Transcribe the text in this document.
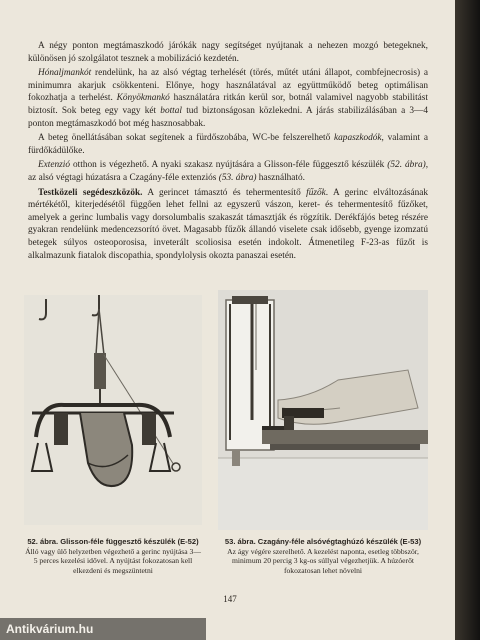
A négy ponton megtámaszkodó járókák nagy segítséget nyújtanak a nehezen mozgó betegeknek, különösen jó szolgálatot tesznek a mobilizáció kezdetén.

Hónaljmankót rendelünk, ha az alsó végtag terhelését (törés, műtét utáni állapot, combfejnecrosis) a minimumra akarjuk csökkenteni. Előnye, hogy használatával az együttműködő beteg optimálisan fokozhatja a terhelést. Könyökmankó használatára ritkán kerül sor, botnál valamivel nagyobb stabilitást biztosít. Sok beteg egy vagy két bottal tud biztonságosan közlekedni. A járás stabilizálásában a 3—4 ponton megtámaszkodó bot még hasznosabbak.

A beteg önellátásában sokat segítenek a fürdőszobába, WC-be felszerelhető kapaszkodók, valamint a fürdőkádülőke.

Extenzió otthon is végezhető. A nyaki szakasz nyújtására a Glisson-féle függesztő készülék (52. ábra), az alsó végtagi húzatásra a Czagány-féle extenziós (53. ábra) használható.

Testközeli segédeszközök. A gerincet támasztó és tehermentesítő fűzők. A gerinc elváltozásának mértékétől, kiterjedésétől függően lehet fellni az egyszerű vászon, keret- és tehermentesítő fűzőket, amelyek a gerinc lumbalis vagy dorsolumbalis szakaszát támasztják és rögzítik. Derékfájós beteg részére gyakran rendelünk medencezsorító övet. Magasabb fűzők állandó viselete csak idősebb, gyenge izomzatú betegek súlyos osteoporosisa, inveterált scoliosisa esetén indokolt. Átmenetileg F-23-as fűzőt is alkalmazunk fiatalok discopathia, spondylolysis okozta panaszai esetén.

52. ábra. Glisson-féle függesztő készülék (E-52)
Álló vagy ülő helyzetben végezhető a gerinc nyújtása 3—5 perces kezelési idővel. A nyújtást fokozatosan kell elkezdeni és megszüntetni
53. ábra. Czagány-féle alsóvégtaghúzó készülék (E-53)
Az ágy végére szerelhető. A kezelést naponta, esetleg többször, minimum 20 percig 3 kg-os súllyal végezhetjük. A húzóerőt fokozatosan lehet növelni
147
Antikvárium.hu
